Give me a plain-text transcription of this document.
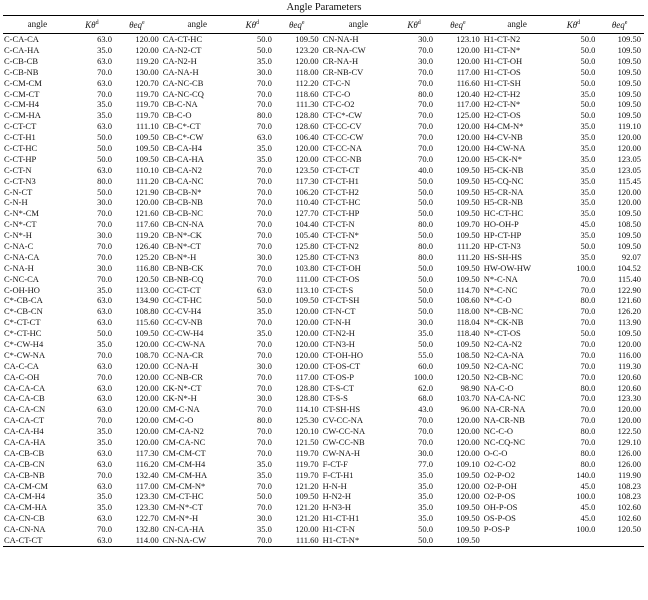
Angle Parameters
angle	$K\theta^d$	θeq$^e$	angle	$K\theta^d$	θeq$^e$	angle	$K\theta^d$	θeq$^e$	angle	$K\theta^d$	θeq$^e$
C-CA-CA	63.0	120.00	CA-CT-HC	50.0	109.50	CN-NA-H	30.0	123.10	H1-CT-N2	50.0	109.50
C-CA-HA	35.0	120.00	CA-N2-CT	50.0	123.20	CR-NA-CW	70.0	120.00	H1-CT-N*	50.0	109.50
C-CB-CB	63.0	119.20	CA-N2-H	35.0	120.00	CR-NA-H	30.0	120.00	H1-CT-OH	50.0	109.50
C-CB-NB	70.0	130.00	CA-NA-H	30.0	118.00	CR-NB-CV	70.0	117.00	H1-CT-OS	50.0	109.50
C-CM-CM	63.0	120.70	CA-NC-CB	70.0	112.20	CT-C-N	70.0	116.60	H1-CT-SH	50.0	109.50
C-CM-CT	70.0	119.70	CA-NC-CQ	70.0	118.60	CT-C-O	80.0	120.40	H2-CT-H2	35.0	109.50
C-CM-H4	35.0	119.70	CB-C-NA	70.0	111.30	CT-C-O2	70.0	117.00	H2-CT-N*	50.0	109.50
C-CM-HA	35.0	119.70	CB-C-O	80.0	128.80	CT-C*-CW	70.0	125.00	H2-CT-OS	50.0	109.50
C-CT-CT	63.0	111.10	CB-C*-CT	70.0	128.60	CT-CC-CV	70.0	120.00	H4-CM-N*	35.0	119.10
C-CT-H1	50.0	109.50	CB-C*-CW	63.0	106.40	CT-CC-CW	70.0	120.00	H4-CV-NB	35.0	120.00
C-CT-HC	50.0	109.50	CB-CA-H4	35.0	120.00	CT-CC-NA	70.0	120.00	H4-CW-NA	35.0	120.00
C-CT-HP	50.0	109.50	CB-CA-HA	35.0	120.00	CT-CC-NB	70.0	120.00	H5-CK-N*	35.0	123.05
C-CT-N	63.0	110.10	CB-CA-N2	70.0	123.50	CT-CT-CT	40.0	109.50	H5-CK-NB	35.0	123.05
C-CT-N3	80.0	111.20	CB-CA-NC	70.0	117.30	CT-CT-H1	50.0	109.50	H5-CQ-NC	35.0	115.45
C-N-CT	50.0	121.90	CB-CB-N*	70.0	106.20	CT-CT-H2	50.0	109.50	H5-CR-NA	35.0	120.00
C-N-H	30.0	120.00	CB-CB-NB	70.0	110.40	CT-CT-HC	50.0	109.50	H5-CR-NB	35.0	120.00
C-N*-CM	70.0	121.60	CB-CB-NC	70.0	127.70	CT-CT-HP	50.0	109.50	HC-CT-HC	35.0	109.50
C-N*-CT	70.0	117.60	CB-CN-NA	70.0	104.40	CT-CT-N	80.0	109.70	HO-OH-P	45.0	108.50
C-N*-H	30.0	119.20	CB-N*-CK	70.0	105.40	CT-CT-N*	50.0	109.50	HP-CT-HP	35.0	109.50
C-NA-C	70.0	126.40	CB-N*-CT	70.0	125.80	CT-CT-N2	80.0	111.20	HP-CT-N3	50.0	109.50
C-NA-CA	70.0	125.20	CB-N*-H	30.0	125.80	CT-CT-N3	80.0	111.20	HS-SH-HS	35.0	92.07
C-NA-H	30.0	116.80	CB-NB-CK	70.0	103.80	CT-CT-OH	50.0	109.50	HW-OW-HW	100.0	104.52
C-NC-CA	70.0	120.50	CB-NB-CQ	70.0	111.00	CT-CT-OS	50.0	109.50	N*-C-NA	70.0	115.40
C-OH-HO	35.0	113.00	CC-CT-CT	63.0	113.10	CT-CT-S	50.0	114.70	N*-C-NC	70.0	122.90
C*-CB-CA	63.0	134.90	CC-CT-HC	50.0	109.50	CT-CT-SH	50.0	108.60	N*-C-O	80.0	121.60
C*-CB-CN	63.0	108.80	CC-CV-H4	35.0	120.00	CT-N-CT	50.0	118.00	N*-CB-NC	70.0	126.20
C*-CT-CT	63.0	115.60	CC-CV-NB	70.0	120.00	CT-N-H	30.0	118.04	N*-CK-NB	70.0	113.90
C*-CT-HC	50.0	109.50	CC-CW-H4	35.0	120.00	CT-N2-H	35.0	118.40	N*-CT-OS	50.0	109.50
C*-CW-H4	35.0	120.00	CC-CW-NA	70.0	120.00	CT-N3-H	50.0	109.50	N2-CA-N2	70.0	120.00
C*-CW-NA	70.0	108.70	CC-NA-CR	70.0	120.00	CT-OH-HO	55.0	108.50	N2-CA-NA	70.0	116.00
CA-C-CA	63.0	120.00	CC-NA-H	30.0	120.00	CT-OS-CT	60.0	109.50	N2-CA-NC	70.0	119.30
CA-C-OH	70.0	120.00	CC-NB-CR	70.0	117.00	CT-OS-P	100.0	120.50	N2-CB-NC	70.0	120.60
CA-CA-CA	63.0	120.00	CK-N*-CT	70.0	128.80	CT-S-CT	62.0	98.90	NA-C-O	80.0	120.60
CA-CA-CB	63.0	120.00	CK-N*-H	30.0	128.80	CT-S-S	68.0	103.70	NA-CA-NC	70.0	123.30
CA-CA-CN	63.0	120.00	CM-C-NA	70.0	114.10	CT-SH-HS	43.0	96.00	NA-CR-NA	70.0	120.00
CA-CA-CT	70.0	120.00	CM-C-O	80.0	125.30	CV-CC-NA	70.0	120.00	NA-CR-NB	70.0	120.00
CA-CA-H4	35.0	120.00	CM-CA-N2	70.0	120.10	CW-CC-NA	70.0	120.00	NC-C-O	80.0	122.50
CA-CA-HA	35.0	120.00	CM-CA-NC	70.0	121.50	CW-CC-NB	70.0	120.00	NC-CQ-NC	70.0	129.10
CA-CB-CB	63.0	117.30	CM-CM-CT	70.0	119.70	CW-NA-H	30.0	120.00	O-C-O	80.0	126.00
CA-CB-CN	63.0	116.20	CM-CM-H4	35.0	119.70	F-CT-F	77.0	109.10	O2-C-O2	80.0	126.00
CA-CB-NB	70.0	132.40	CM-CM-HA	35.0	119.70	F-CT-H1	35.0	109.50	O2-P-O2	140.0	119.90
CA-CM-CM	63.0	117.00	CM-CM-N*	70.0	121.20	H-N-H	35.0	120.00	O2-P-OH	45.0	108.23
CA-CM-H4	35.0	123.30	CM-CT-HC	50.0	109.50	H-N2-H	35.0	120.00	O2-P-OS	100.0	108.23
CA-CM-HA	35.0	123.30	CM-N*-CT	70.0	121.20	H-N3-H	35.0	109.50	OH-P-OS	45.0	102.60
CA-CN-CB	63.0	122.70	CM-N*-H	30.0	121.20	H1-CT-H1	35.0	109.50	OS-P-OS	45.0	102.60
CA-CN-NA	70.0	132.80	CN-CA-HA	35.0	120.00	H1-CT-N	50.0	109.50	P-OS-P	100.0	120.50
CA-CT-CT	63.0	114.00	CN-NA-CW	70.0	111.60	H1-CT-N*	50.0	109.50			
